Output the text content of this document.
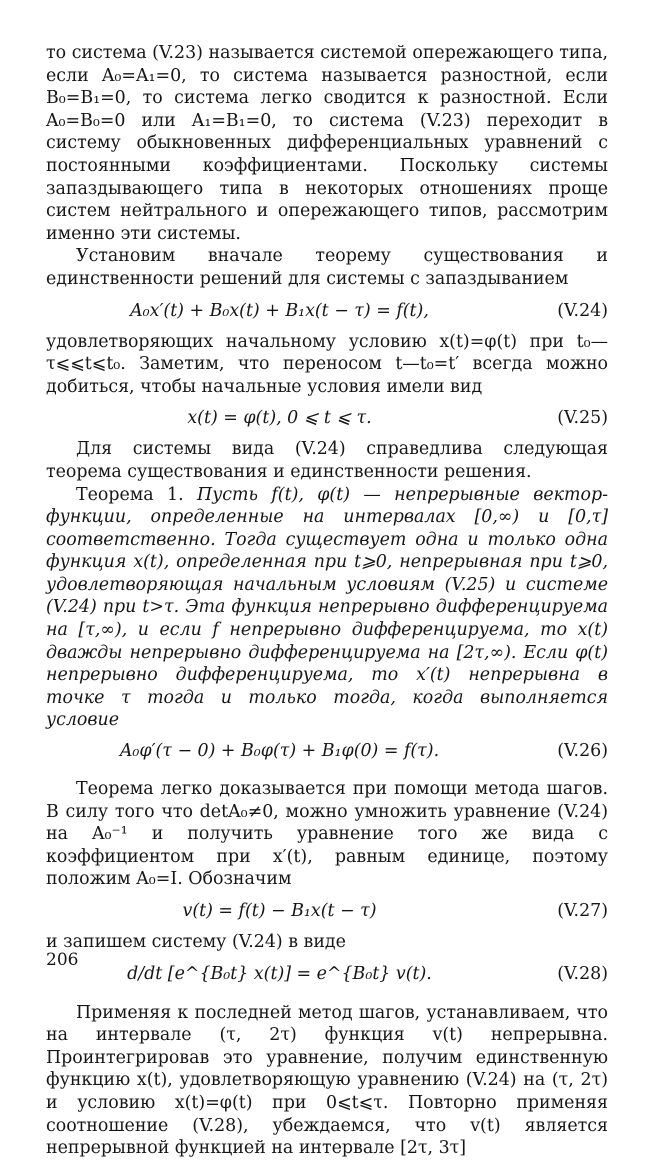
то система (V.23) называется системой опережающего типа, если A₀=A₁=0, то система называется разностной, если B₀=B₁=0, то система легко сводится к разностной. Если A₀=B₀=0 или A₁=B₁=0, то система (V.23) переходит в систему обыкновенных дифференциальных уравнений с постоянными коэффициентами. Поскольку системы запаздывающего типа в некоторых отношениях проще систем нейтрального и опережающего типов, рассмотрим именно эти системы.

Установим вначале теорему существования и единственности решений для системы с запаздыванием

A₀x′(t) + B₀x(t) + B₁x(t − τ) = f(t),	(V.24)

удовлетворяющих начальному условию x(t)=φ(t) при t₀—τ⩽⩽t⩽t₀. Заметим, что переносом t—t₀=t′ всегда можно добиться, чтобы начальные условия имели вид

x(t) = φ(t), 0 ⩽ t ⩽ τ.	(V.25)

Для системы вида (V.24) справедлива следующая теорема существования и единственности решения.

Теорема 1. Пусть f(t), φ(t) — непрерывные вектор-функции, определенные на интервалах [0,∞) и [0,τ] соответственно. Тогда существует одна и только одна функция x(t), определенная при t⩾0, непрерывная при t⩾0, удовлетворяющая начальным условиям (V.25) и системе (V.24) при t>τ. Эта функция непрерывно дифференцируема на [τ,∞), и если f непрерывно дифференцируема, то x(t) дважды непрерывно дифференцируема на [2τ,∞). Если φ(t) непрерывно дифференцируема, то x′(t) непрерывна в точке τ тогда и только тогда, когда выполняется условие

A₀φ′(τ − 0) + B₀φ(τ) + B₁φ(0) = f(τ).	(V.26)

Теорема легко доказывается при помощи метода шагов. В силу того что detA₀≠0, можно умножить уравнение (V.24) на A₀⁻¹ и получить уравнение того же вида с коэффициентом при x′(t), равным единице, поэтому положим A₀=I. Обозначим

v(t) = f(t) − B₁x(t − τ)	(V.27)

и запишем систему (V.24) в виде

d/dt [e^{B₀t} x(t)] = e^{B₀t} v(t).	(V.28)

Применяя к последней метод шагов, устанавливаем, что на интервале (τ, 2τ) функция v(t) непрерывна. Проинтегрировав это уравнение, получим единственную функцию x(t), удовлетворяющую уравнению (V.24) на (τ, 2τ) и условию x(t)=φ(t) при 0⩽t⩽τ. Повторно применяя соотношение (V.28), убеждаемся, что v(t) является непрерывной функцией на интервале [2τ, 3τ]

206
